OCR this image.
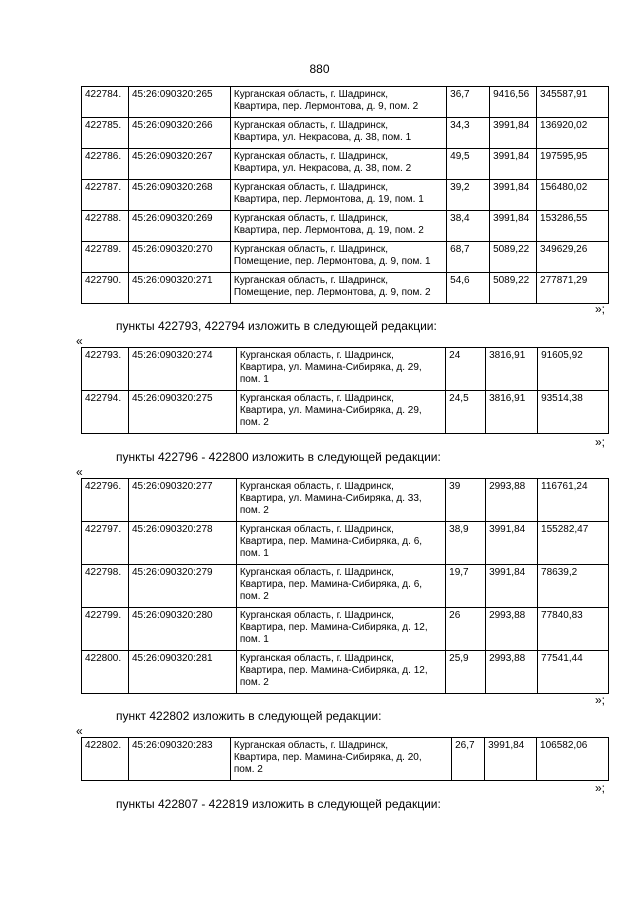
880
422784.	45:26:090320:265	Курганская область, г. Шадринск,
Квартира, пер. Лермонтова, д. 9, пом. 2	36,7	9416,56	345587,91
422785.	45:26:090320:266	Курганская область, г. Шадринск,
Квартира, ул. Некрасова, д. 38, пом. 1	34,3	3991,84	136920,02
422786.	45:26:090320:267	Курганская область, г. Шадринск,
Квартира, ул. Некрасова, д. 38, пом. 2	49,5	3991,84	197595,95
422787.	45:26:090320:268	Курганская область, г. Шадринск,
Квартира, пер. Лермонтова, д. 19, пом. 1	39,2	3991,84	156480,02
422788.	45:26:090320:269	Курганская область, г. Шадринск,
Квартира, пер. Лермонтова, д. 19, пом. 2	38,4	3991,84	153286,55
422789.	45:26:090320:270	Курганская область, г. Шадринск,
Помещение, пер. Лермонтова, д. 9, пом. 1	68,7	5089,22	349629,26
422790.	45:26:090320:271	Курганская область, г. Шадринск,
Помещение, пер. Лермонтова, д. 9, пом. 2	54,6	5089,22	277871,29
»;
пункты 422793, 422794 изложить в следующей редакции:
«
422793.	45:26:090320:274	Курганская область, г. Шадринск,
Квартира, ул. Мамина-Сибиряка, д. 29,
пом. 1	24	3816,91	91605,92
422794.	45:26:090320:275	Курганская область, г. Шадринск,
Квартира, ул. Мамина-Сибиряка, д. 29,
пом. 2	24,5	3816,91	93514,38
»;
пункты 422796 - 422800 изложить в следующей редакции:
«
422796.	45:26:090320:277	Курганская область, г. Шадринск,
Квартира, ул. Мамина-Сибиряка, д. 33,
пом. 2	39	2993,88	116761,24
422797.	45:26:090320:278	Курганская область, г. Шадринск,
Квартира, пер. Мамина-Сибиряка, д. 6,
пом. 1	38,9	3991,84	155282,47
422798.	45:26:090320:279	Курганская область, г. Шадринск,
Квартира, пер. Мамина-Сибиряка, д. 6,
пом. 2	19,7	3991,84	78639,2
422799.	45:26:090320:280	Курганская область, г. Шадринск,
Квартира, пер. Мамина-Сибиряка, д. 12,
пом. 1	26	2993,88	77840,83
422800.	45:26:090320:281	Курганская область, г. Шадринск,
Квартира, пер. Мамина-Сибиряка, д. 12,
пом. 2	25,9	2993,88	77541,44
»;
пункт 422802 изложить в следующей редакции:
«
422802.	45:26:090320:283	Курганская область, г. Шадринск,
Квартира, пер. Мамина-Сибиряка, д. 20,
пом. 2	26,7	3991,84	106582,06
»;
пункты 422807 - 422819 изложить в следующей редакции:
